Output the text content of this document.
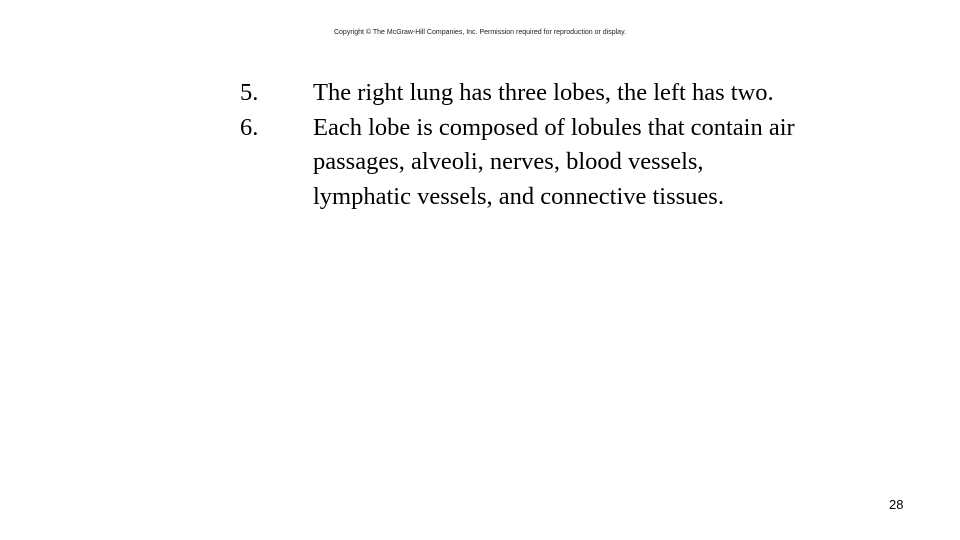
Copyright © The McGraw-Hill Companies, Inc. Permission required for reproduction or display.
5.	The right lung has three lobes, the left has two.
6.	Each lobe is composed of lobules that contain air passages, alveoli, nerves, blood vessels, lymphatic vessels, and connective tissues.
28
